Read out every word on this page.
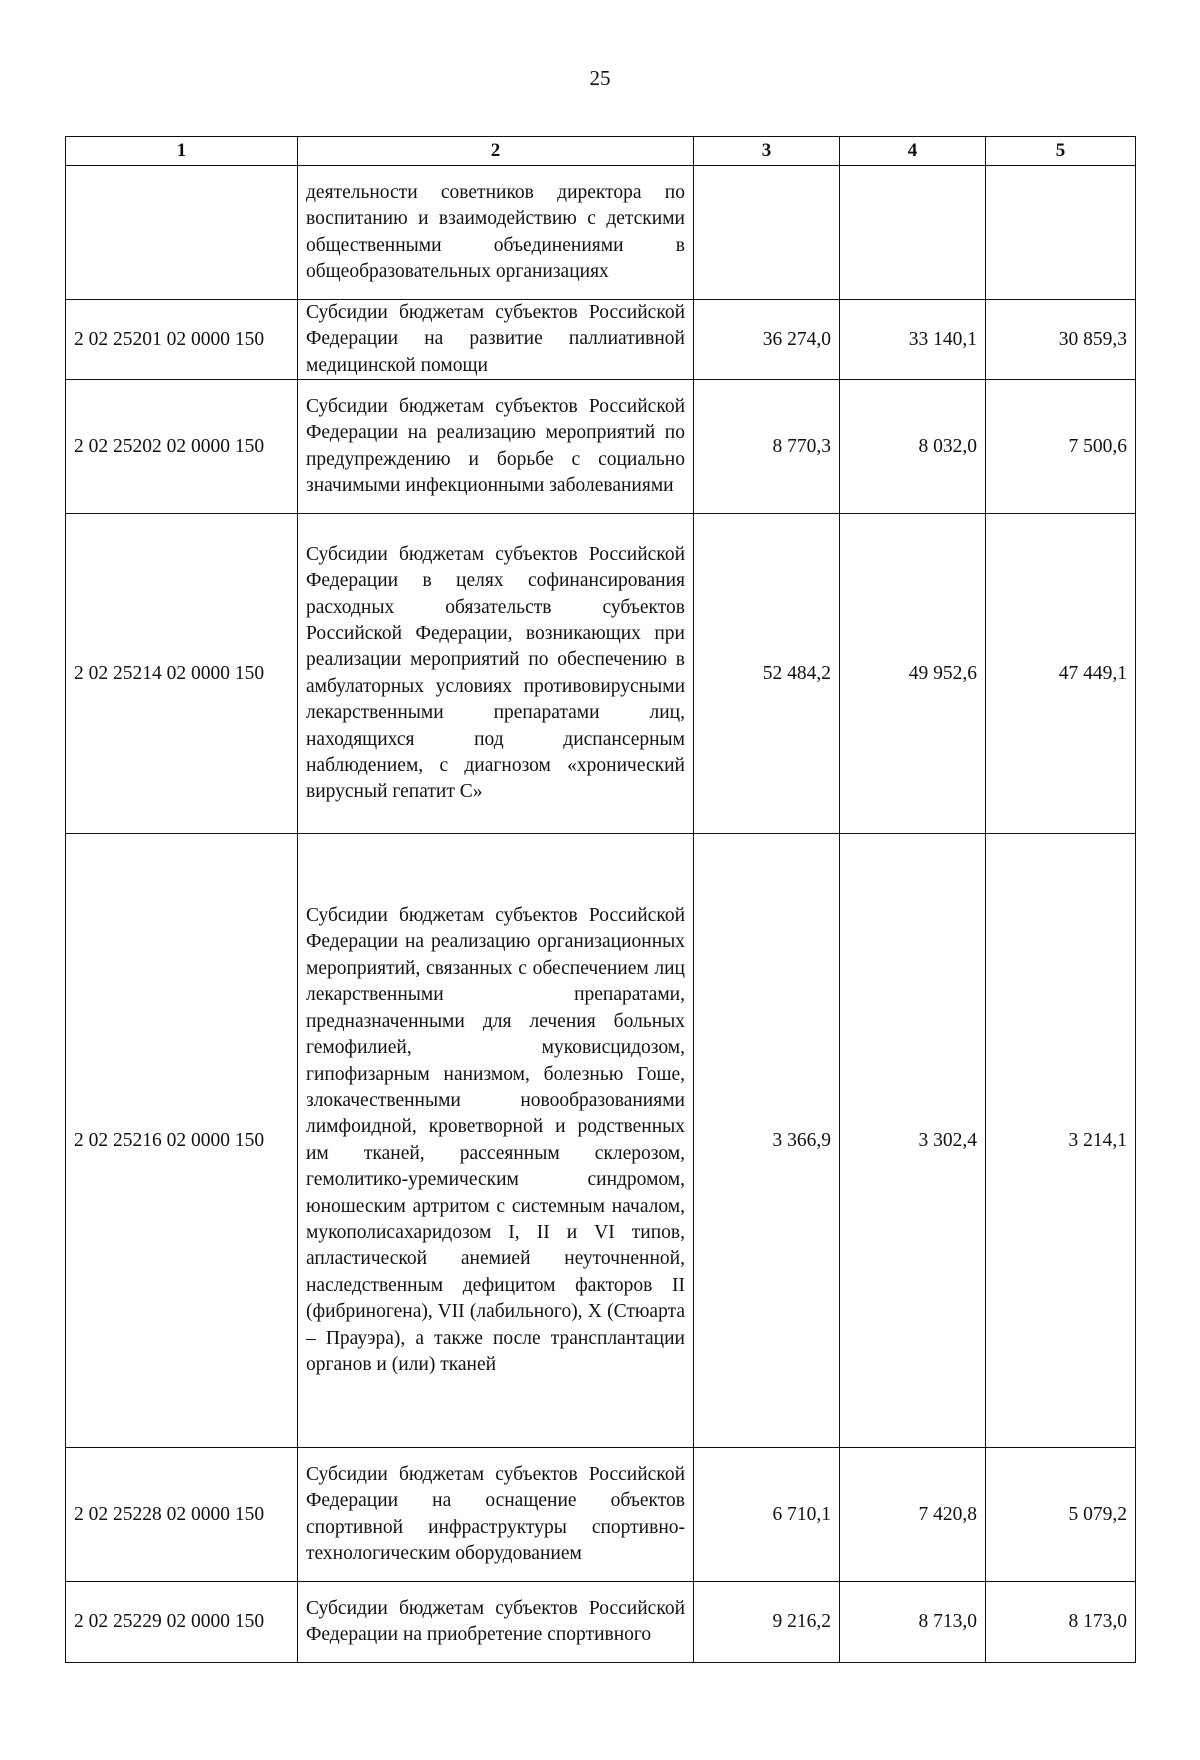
25
1	2	3	4	5
	деятельности советников директора по воспитанию и взаимодействию с детскими общественными объединениями в общеобразовательных организациях			
2 02 25201 02 0000 150	Субсидии бюджетам субъектов Российской Федерации на развитие паллиативной медицинской помощи	36 274,0	33 140,1	30 859,3
2 02 25202 02 0000 150	Субсидии бюджетам субъектов Российской Федерации на реализацию мероприятий по предупреждению и борьбе с социально значимыми инфекционными заболеваниями	8 770,3	8 032,0	7 500,6
2 02 25214 02 0000 150	Субсидии бюджетам субъектов Российской Федерации в целях софинансирования расходных обязательств субъектов Российской Федерации, возникающих при реализации мероприятий по обеспечению в амбулаторных условиях противовирусными лекарственными препаратами лиц, находящихся под диспансерным наблюдением, с диагнозом «хронический вирусный гепатит С»	52 484,2	49 952,6	47 449,1
2 02 25216 02 0000 150	Субсидии бюджетам субъектов Российской Федерации на реализацию организационных мероприятий, связанных с обеспечением лиц лекарственными препаратами, предназначенными для лечения больных гемофилией, муковисцидозом, гипофизарным нанизмом, болезнью Гоше, злокачественными новообразованиями лимфоидной, кроветворной и родственных им тканей, рассеянным склерозом, гемолитико-уремическим синдромом, юношеским артритом с системным началом, мукополисахаридозом I, II и VI типов, апластической анемией неуточненной, наследственным дефицитом факторов II (фибриногена), VII (лабильного), X (Стюарта – Прауэра), а также после трансплантации органов и (или) тканей	3 366,9	3 302,4	3 214,1
2 02 25228 02 0000 150	Субсидии бюджетам субъектов Российской Федерации на оснащение объектов спортивной инфраструктуры спортивно-технологическим оборудованием	6 710,1	7 420,8	5 079,2
2 02 25229 02 0000 150	Субсидии бюджетам субъектов Российской Федерации на приобретение спортивного	9 216,2	8 713,0	8 173,0
